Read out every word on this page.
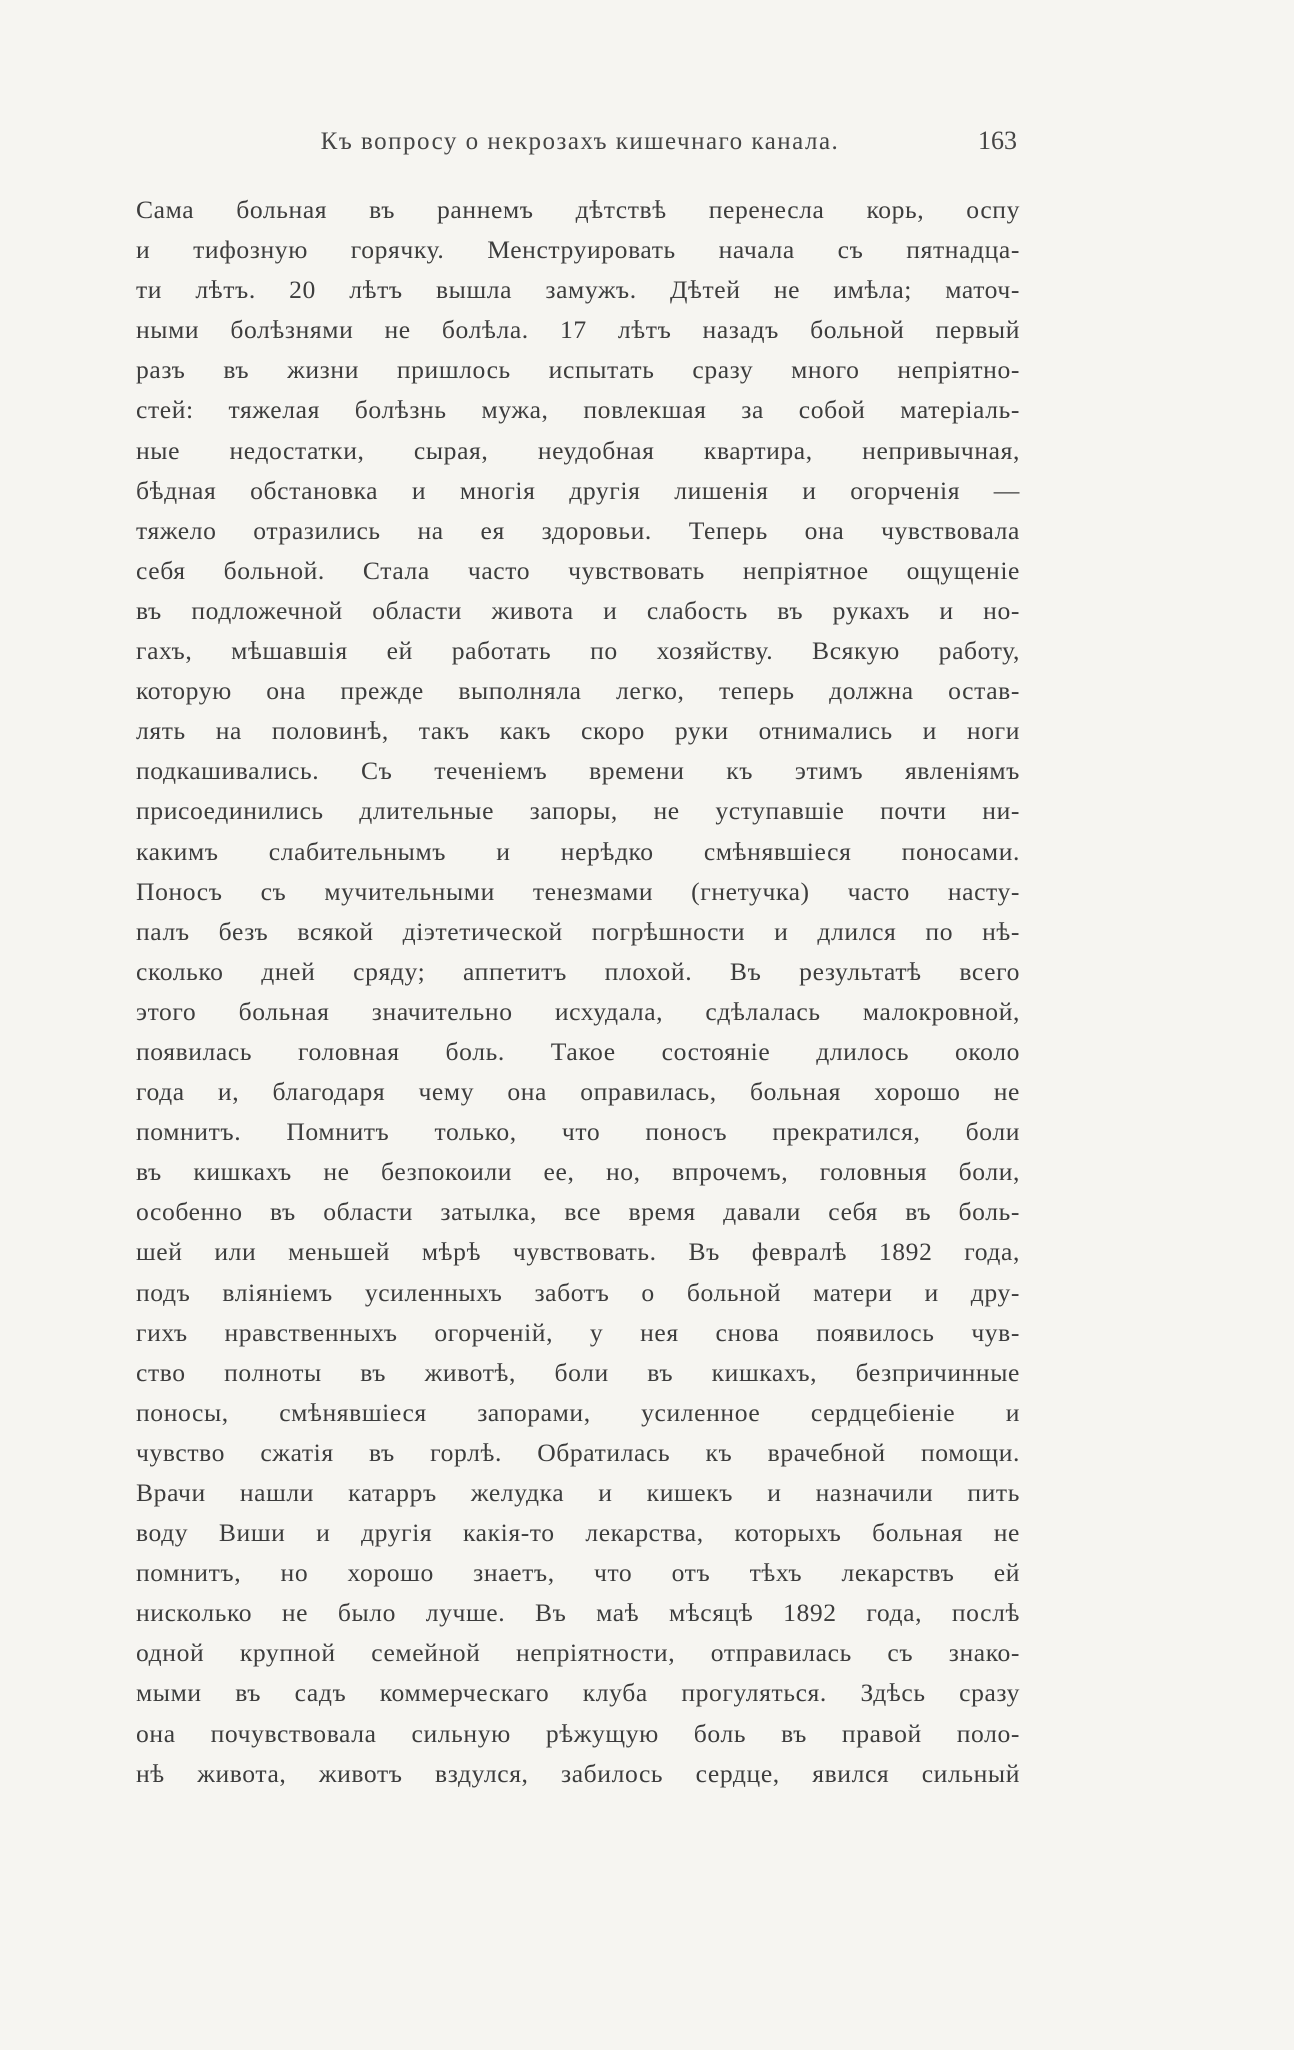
Къ вопросу о некрозахъ кишечнаго канала.	163
Сама больная въ раннемъ дѣтствѣ перенесла корь, оспу
и тифозную горячку. Менструировать начала съ пятнадца-
ти лѣтъ. 20 лѣтъ вышла замужъ. Дѣтей не имѣла; маточ-
ными болѣзнями не болѣла. 17 лѣтъ назадъ больной первый
разъ въ жизни пришлось испытать сразу много непріятно-
стей: тяжелая болѣзнь мужа, повлекшая за собой матеріаль-
ные недостатки, сырая, неудобная квартира, непривычная,
бѣдная обстановка и многія другія лишенія и огорченія —
тяжело отразились на ея здоровьи. Теперь она чувствовала
себя больной. Стала часто чувствовать непріятное ощущеніе
въ подложечной области живота и слабость въ рукахъ и но-
гахъ, мѣшавшія ей работать по хозяйству. Всякую работу,
которую она прежде выполняла легко, теперь должна остав-
лять на половинѣ, такъ какъ скоро руки отнимались и ноги
подкашивались. Съ теченіемъ времени къ этимъ явленіямъ
присоединились длительные запоры, не уступавшіе почти ни-
какимъ слабительнымъ и нерѣдко смѣнявшіеся поносами.
Поносъ съ мучительными тенезмами (гнетучка) часто насту-
палъ безъ всякой діэтетической погрѣшности и длился по нѣ-
сколько дней сряду; аппетитъ плохой. Въ результатѣ всего
этого больная значительно исхудала, сдѣлалась малокровной,
появилась головная боль. Такое состояніе длилось около
года и, благодаря чему она оправилась, больная хорошо не
помнитъ. Помнитъ только, что поносъ прекратился, боли
въ кишкахъ не безпокоили ее, но, впрочемъ, головныя боли,
особенно въ области затылка, все время давали себя въ боль-
шей или меньшей мѣрѣ чувствовать. Въ февралѣ 1892 года,
подъ вліяніемъ усиленныхъ заботъ о больной матери и дру-
гихъ нравственныхъ огорченій, у нея снова появилось чув-
ство полноты въ животѣ, боли въ кишкахъ, безпричинные
поносы, смѣнявшіеся запорами, усиленное сердцебіеніе и
чувство сжатія въ горлѣ. Обратилась къ врачебной помощи.
Врачи нашли катарръ желудка и кишекъ и назначили пить
воду Виши и другія какія-то лекарства, которыхъ больная не
помнитъ, но хорошо знаетъ, что отъ тѣхъ лекарствъ ей
нисколько не было лучше. Въ маѣ мѣсяцѣ 1892 года, послѣ
одной крупной семейной непріятности, отправилась съ знако-
мыми въ садъ коммерческаго клуба прогуляться. Здѣсь сразу
она почувствовала сильную рѣжущую боль въ правой поло-
нѣ живота, животъ вздулся, забилось сердце, явился сильный
